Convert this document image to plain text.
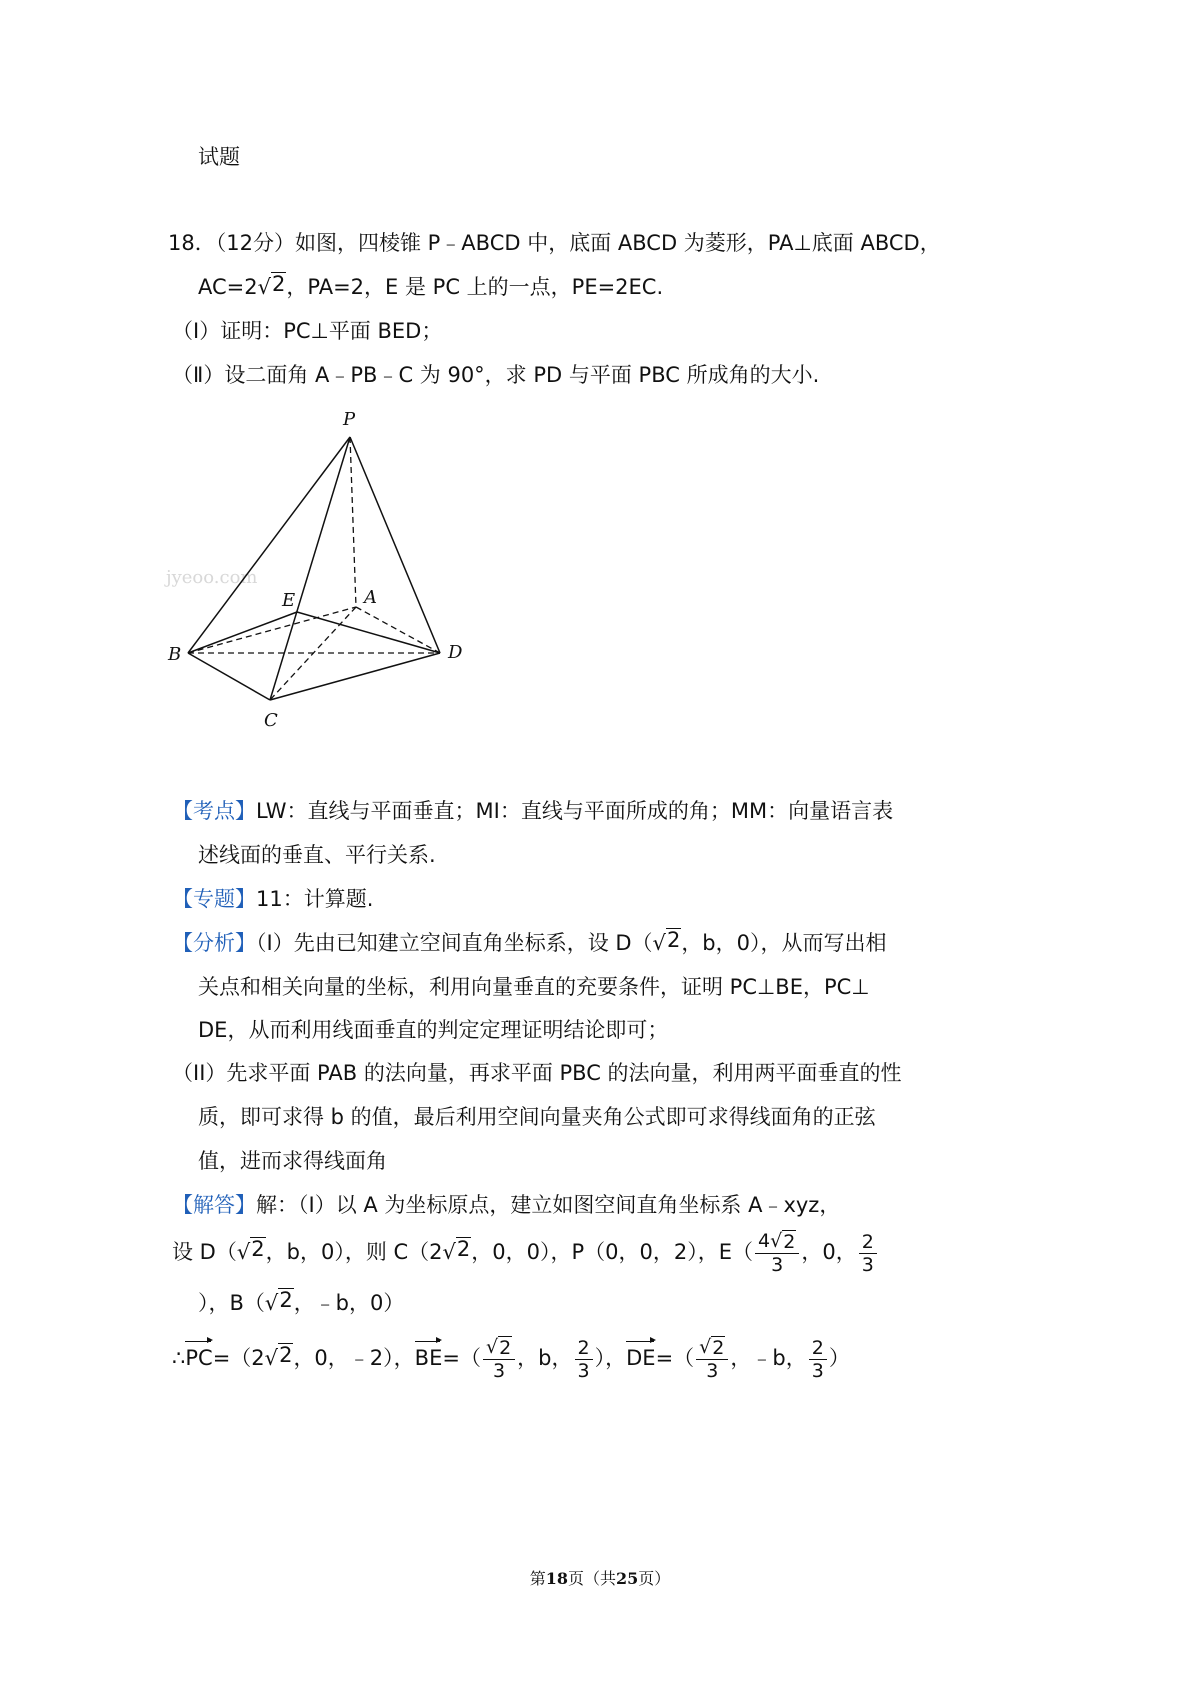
试题
18．（12分）如图，四棱锥 P﹣ABCD 中，底面 ABCD 为菱形，PA⊥底面 ABCD，
AC=2√ 2 ，PA=2，E 是 PC 上的一点，PE=2EC.
（Ⅰ）证明：PC⊥平面 BED；
（Ⅱ）设二面角 A﹣PB﹣C 为 90°，求 PD 与平面 PBC 所成角的大小.
jyeoo.com
P
A
E
B	D
C
【考点】LW：直线与平面垂直；MI：直线与平面所成的角；MM：向量语言表
述线面的垂直、平行关系.
【专题】11：计算题.
【分析】（I）先由已知建立空间直角坐标系，设 D（√ 2 ，b，0），从而写出相
关点和相关向量的坐标，利用向量垂直的充要条件，证明 PC⊥BE，PC⊥
DE，从而利用线面垂直的判定定理证明结论即可；
（II）先求平面 PAB 的法向量，再求平面 PBC 的法向量，利用两平面垂直的性
质，即可求得 b 的值，最后利用空间向量夹角公式即可求得线面角的正弦
值，进而求得线面角
【解答】解：（I）以 A 为坐标原点，建立如图空间直角坐标系 A﹣xyz，
设 D（√ 2 ，b，0），则 C（2√ 2 ，0，0），P（0，0，2），$E( \frac{4√ 2}{3}$ ，0， $\frac{2}{3}$
），B（√ 2 ，﹣b，0）
∴PC=（2√ 2 ，0，﹣2），$BE=( \frac{√ 2}{3}$ ，b， $\frac{2}{3}$ ），$DE=( \frac{√ 2}{3}$ ，﹣b， $\frac{2}{3}$ ）
第18页（共25页）
